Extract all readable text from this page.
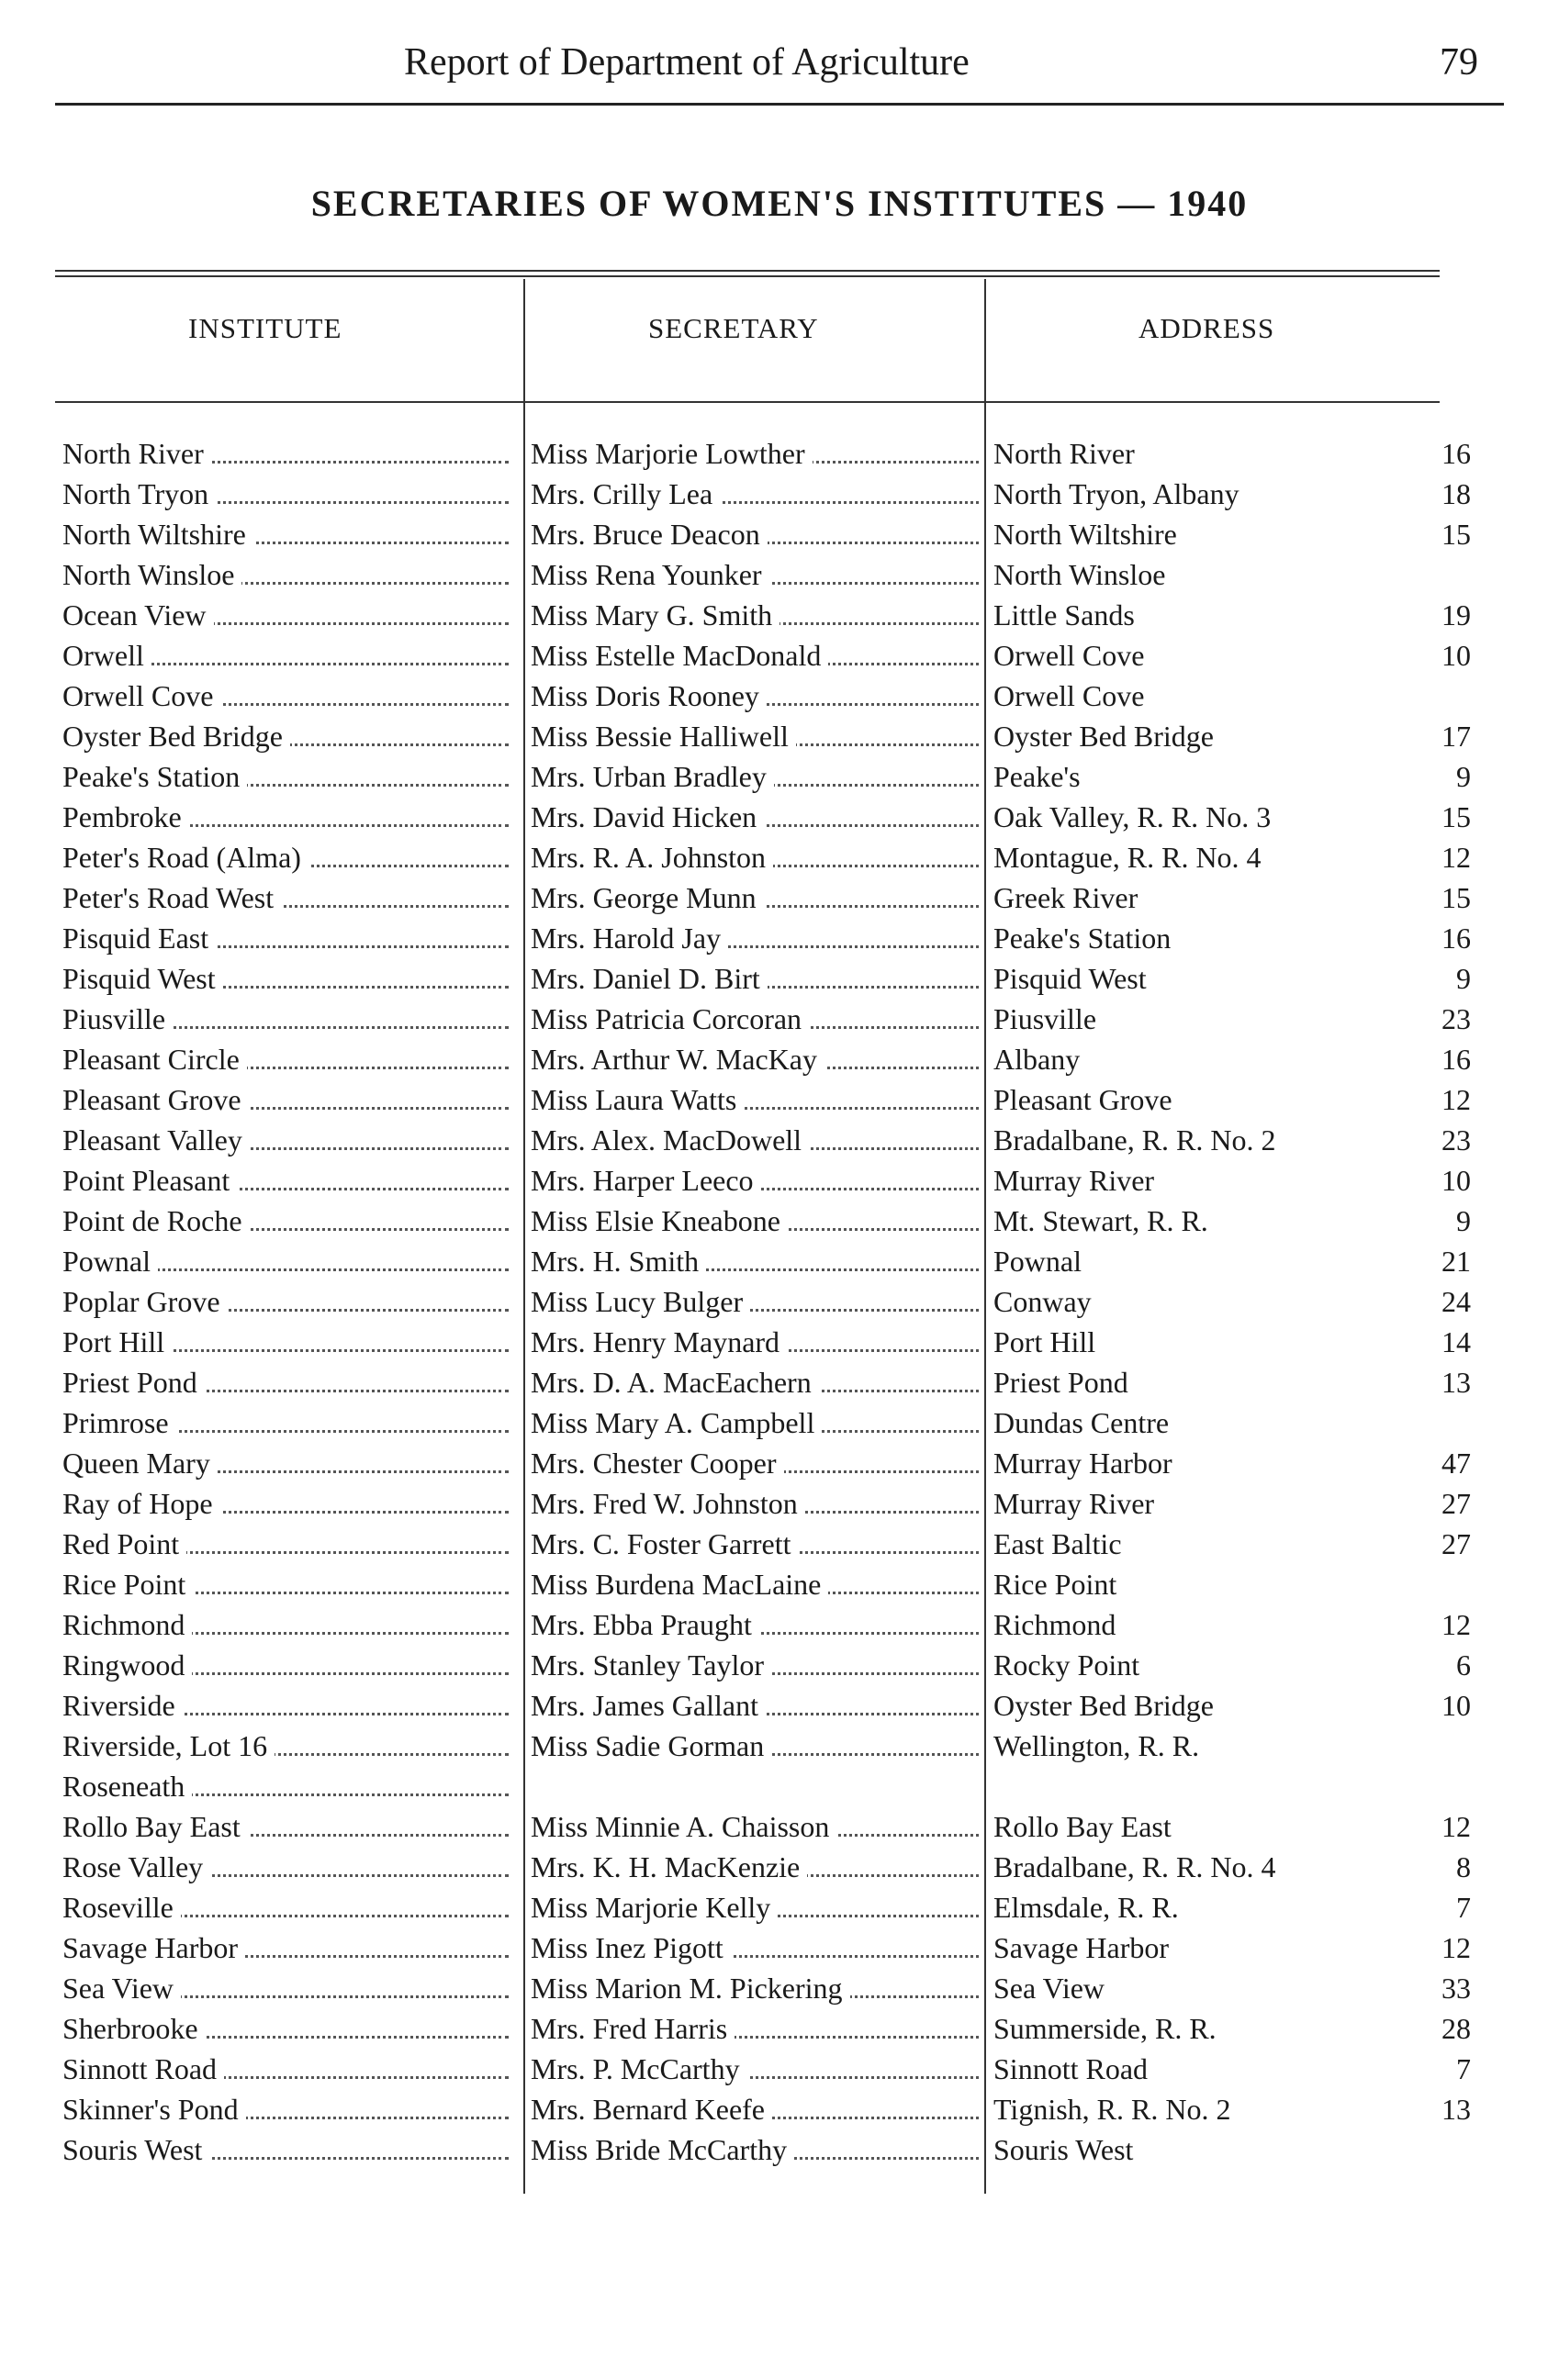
Report of Department of Agriculture	79
SECRETARIES OF WOMEN'S INSTITUTES — 1940
INSTITUTE	SECRETARY	ADDRESS
North River	Miss Marjorie Lowther	North River	16
North Tryon	Mrs. Crilly Lea	North Tryon, Albany	18
North Wiltshire	Mrs. Bruce Deacon	North Wiltshire	15
North Winsloe	Miss Rena Younker	North Winsloe
Ocean View	Miss Mary G. Smith	Little Sands	19
Orwell	Miss Estelle MacDonald	Orwell Cove	10
Orwell Cove	Miss Doris Rooney	Orwell Cove
Oyster Bed Bridge	Miss Bessie Halliwell	Oyster Bed Bridge	17
Peake's Station	Mrs. Urban Bradley	Peake's	9
Pembroke	Mrs. David Hicken	Oak Valley, R. R. No. 3	15
Peter's Road (Alma)	Mrs. R. A. Johnston	Montague, R. R. No. 4	12
Peter's Road West	Mrs. George Munn	Greek River	15
Pisquid East	Mrs. Harold Jay	Peake's Station	16
Pisquid West	Mrs. Daniel D. Birt	Pisquid West	9
Piusville	Miss Patricia Corcoran	Piusville	23
Pleasant Circle	Mrs. Arthur W. MacKay	Albany	16
Pleasant Grove	Miss Laura Watts	Pleasant Grove	12
Pleasant Valley	Mrs. Alex. MacDowell	Bradalbane, R. R. No. 2	23
Point Pleasant	Mrs. Harper Leeco	Murray River	10
Point de Roche	Miss Elsie Kneabone	Mt. Stewart, R. R.	9
Pownal	Mrs. H. Smith	Pownal	21
Poplar Grove	Miss Lucy Bulger	Conway	24
Port Hill	Mrs. Henry Maynard	Port Hill	14
Priest Pond	Mrs. D. A. MacEachern	Priest Pond	13
Primrose	Miss Mary A. Campbell	Dundas Centre
Queen Mary	Mrs. Chester Cooper	Murray Harbor	47
Ray of Hope	Mrs. Fred W. Johnston	Murray River	27
Red Point	Mrs. C. Foster Garrett	East Baltic	27
Rice Point	Miss Burdena MacLaine	Rice Point
Richmond	Mrs. Ebba Praught	Richmond	12
Ringwood	Mrs. Stanley Taylor	Rocky Point	6
Riverside	Mrs. James Gallant	Oyster Bed Bridge	10
Riverside, Lot 16	Miss Sadie Gorman	Wellington, R. R.
Roseneath
Rollo Bay East	Miss Minnie A. Chaisson	Rollo Bay East	12
Rose Valley	Mrs. K. H. MacKenzie	Bradalbane, R. R. No. 4	8
Roseville	Miss Marjorie Kelly	Elmsdale, R. R.	7
Savage Harbor	Miss Inez Pigott	Savage Harbor	12
Sea View	Miss Marion M. Pickering	Sea View	33
Sherbrooke	Mrs. Fred Harris	Summerside, R. R.	28
Sinnott Road	Mrs. P. McCarthy	Sinnott Road	7
Skinner's Pond	Mrs. Bernard Keefe	Tignish, R. R. No. 2	13
Souris West	Miss Bride McCarthy	Souris West
